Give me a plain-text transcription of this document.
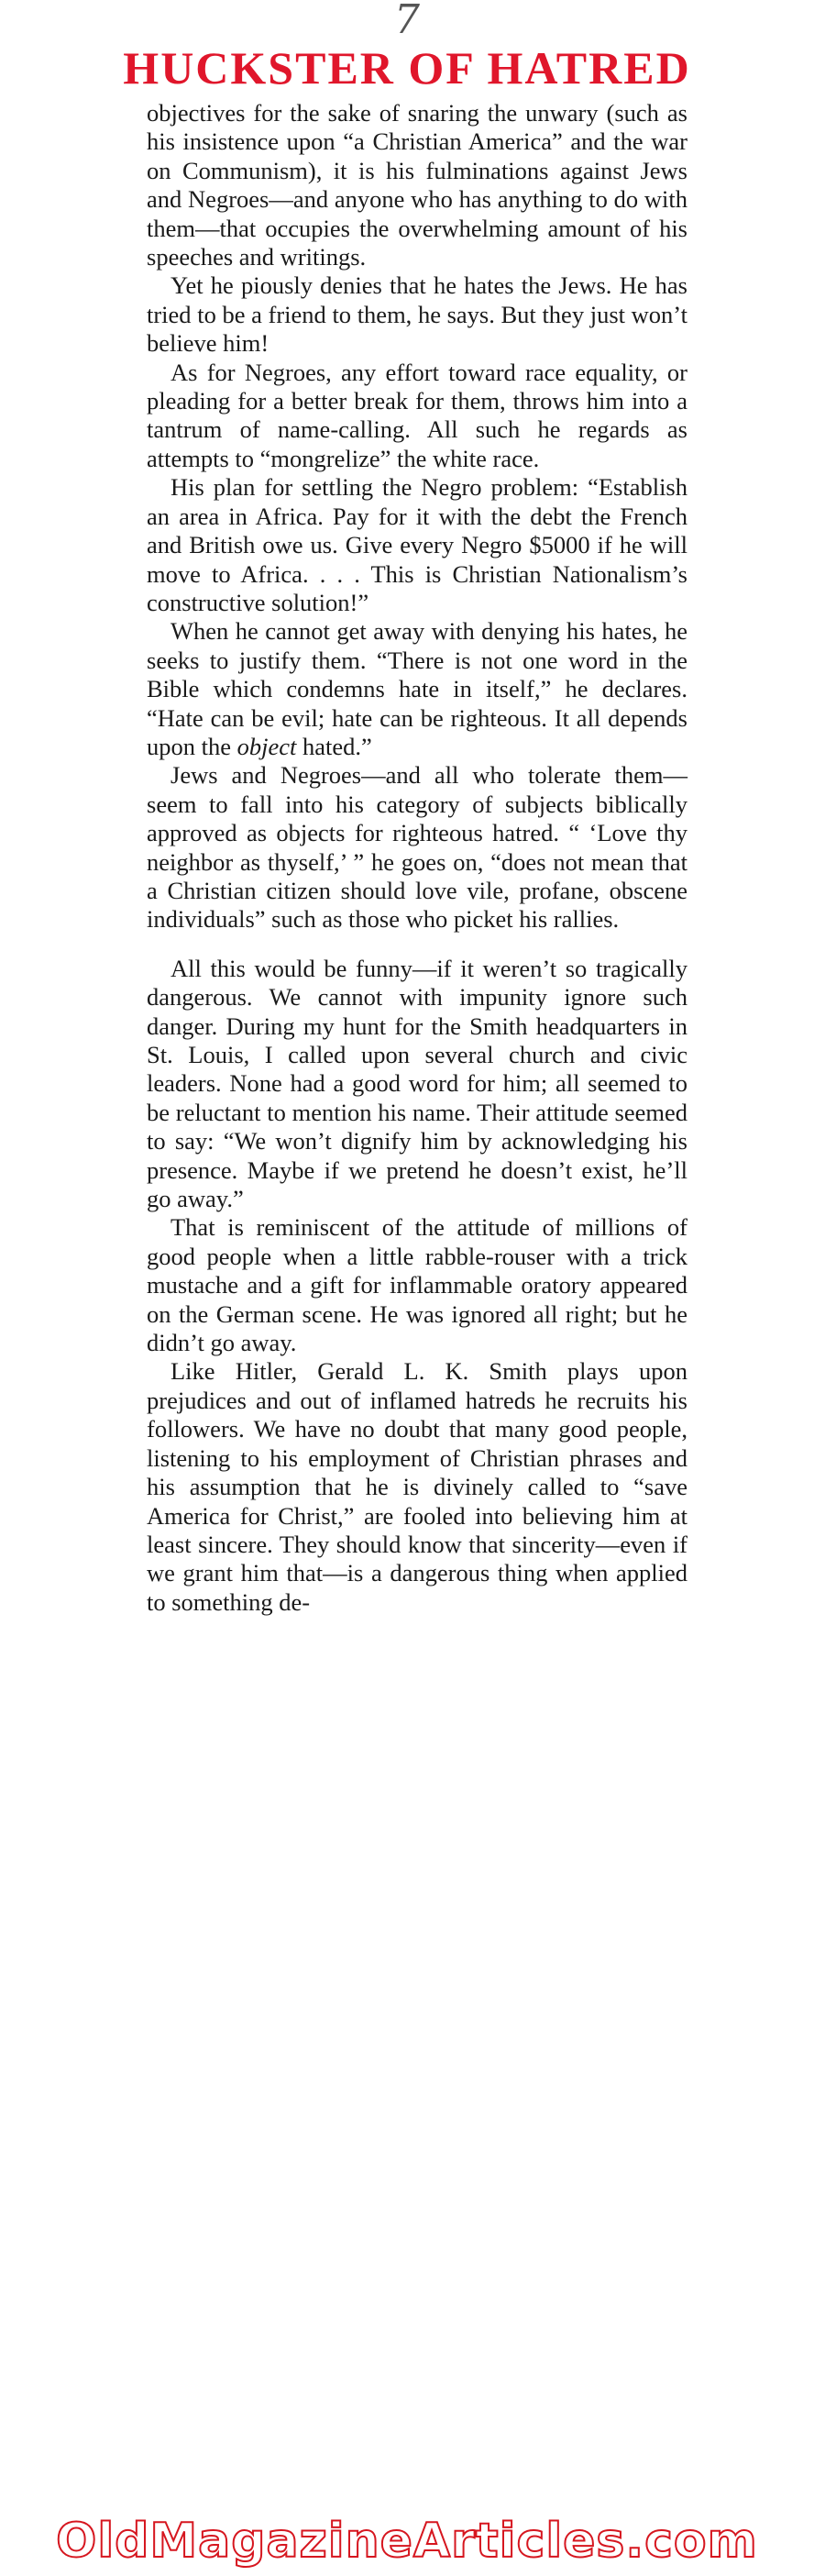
7
HUCKSTER OF HATRED

objectives for the sake of snaring the unwary (such as his insistence upon “a Christian America” and the war on Communism), it is his fulminations against Jews and Negroes—and anyone who has anything to do with them—that occupies the overwhelming amount of his speeches and writings.

Yet he piously denies that he hates the Jews. He has tried to be a friend to them, he says. But they just won’t believe him!

As for Negroes, any effort toward race equality, or pleading for a better break for them, throws him into a tantrum of name-calling. All such he regards as attempts to “mongrelize” the white race.

His plan for settling the Negro problem: “Establish an area in Africa. Pay for it with the debt the French and British owe us. Give every Negro $5000 if he will move to Africa. . . . This is Christian Nationalism’s constructive solution!”

When he cannot get away with denying his hates, he seeks to justify them. “There is not one word in the Bible which condemns hate in itself,” he declares. “Hate can be evil; hate can be righteous. It all depends upon the object hated.”

Jews and Negroes—and all who tolerate them—seem to fall into his category of subjects biblically approved as objects for righteous hatred. “ ‘Love thy neighbor as thyself,’ ” he goes on, “does not mean that a Christian citizen should love vile, profane, obscene individuals” such as those who picket his rallies.

All this would be funny—if it weren’t so tragically dangerous. We cannot with impunity ignore such danger. During my hunt for the Smith headquarters in St. Louis, I called upon several church and civic leaders. None had a good word for him; all seemed to be reluctant to mention his name. Their attitude seemed to say: “We won’t dignify him by acknowledging his presence. Maybe if we pretend he doesn’t exist, he’ll go away.”

That is reminiscent of the attitude of millions of good people when a little rabble-rouser with a trick mustache and a gift for inflammable oratory appeared on the German scene. He was ignored all right; but he didn’t go away.

Like Hitler, Gerald L. K. Smith plays upon prejudices and out of inflamed hatreds he recruits his followers. We have no doubt that many good people, listening to his employment of Christian phrases and his assumption that he is divinely called to “save America for Christ,” are fooled into believing him at least sincere. They should know that sincerity—even if we grant him that—is a dangerous thing when applied to something de-

OldMagazineArticles.com
